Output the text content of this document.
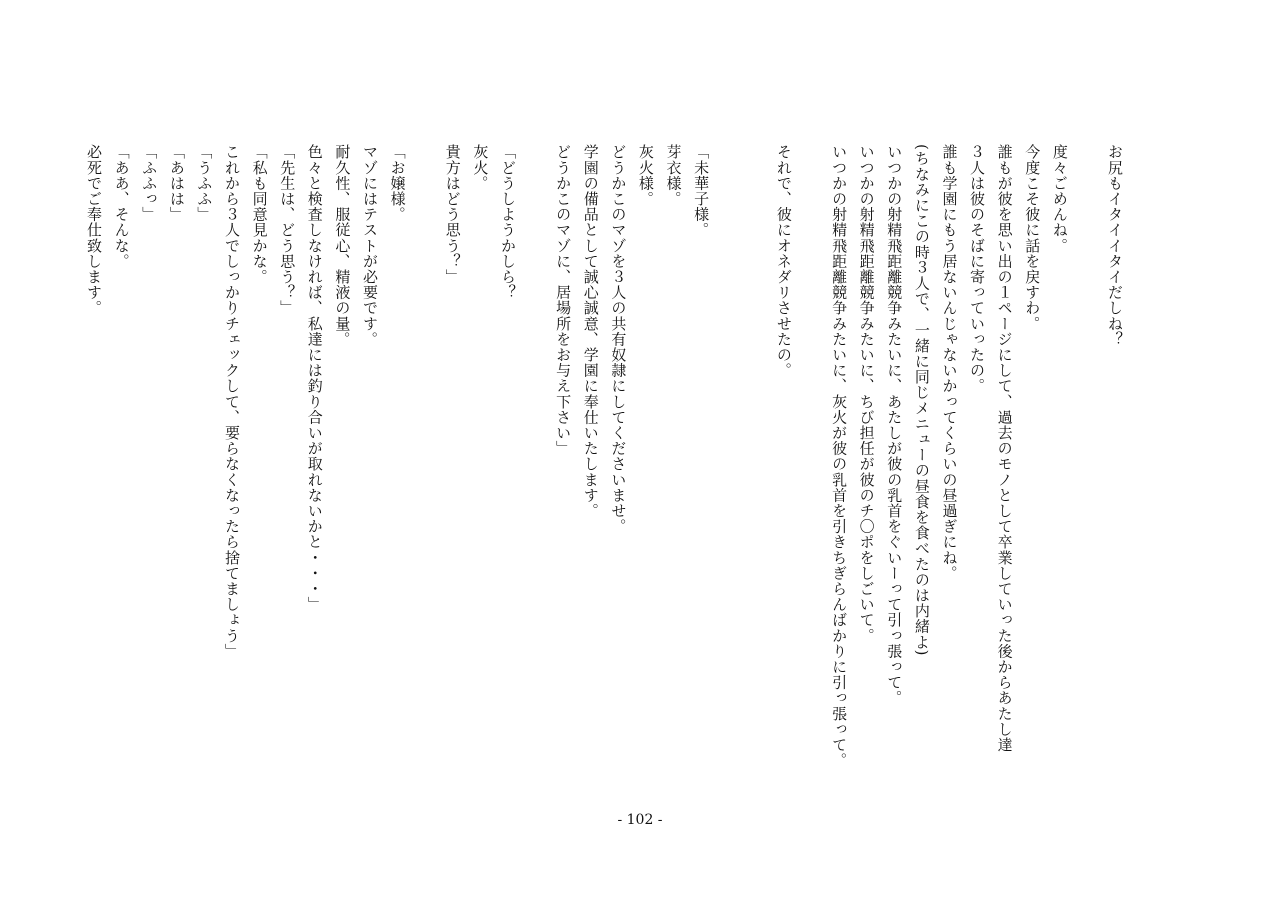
お尻もイタイイタイだしね？
度々ごめんね。
今度こそ彼に話を戻すわ。
誰もが彼を思い出の１ページにして、過去のモノとして卒業していった後からあたし達
３人は彼のそばに寄っていったの。
誰も学園にもう居ないんじゃないかってくらいの昼過ぎにね。
(ちなみにこの時３人で、一緒に同じメニューの昼食を食べたのは内緒よ)
いつかの射精飛距離競争みたいに、あたしが彼の乳首をぐいーって引っ張って。
いつかの射精飛距離競争みたいに、ちび担任が彼のチ〇ポをしごいて。
いつかの射精飛距離競争みたいに、灰火が彼の乳首を引きちぎらんばかりに引っ張って。
それで、彼にオネダリさせたの。
「未華子様。
芽衣様。
灰火様。
どうかこのマゾを３人の共有奴隷にしてくださいませ。
学園の備品として誠心誠意、学園に奉仕いたします。
どうかこのマゾに、居場所をお与え下さい」
「どうしようかしら？
灰火。
貴方はどう思う？」
「お嬢様。
マゾにはテストが必要です。
耐久性、服従心、精液の量。
色々と検査しなければ、私達には釣り合いが取れないかと・・・」
「先生は、どう思う？」
「私も同意見かな。
これから３人でしっかりチェックして、要らなくなったら捨てましょう」
「うふふ」
「あはは」
「ふふっ」
「ああ、そんな。
必死でご奉仕致します。
- 102 -
